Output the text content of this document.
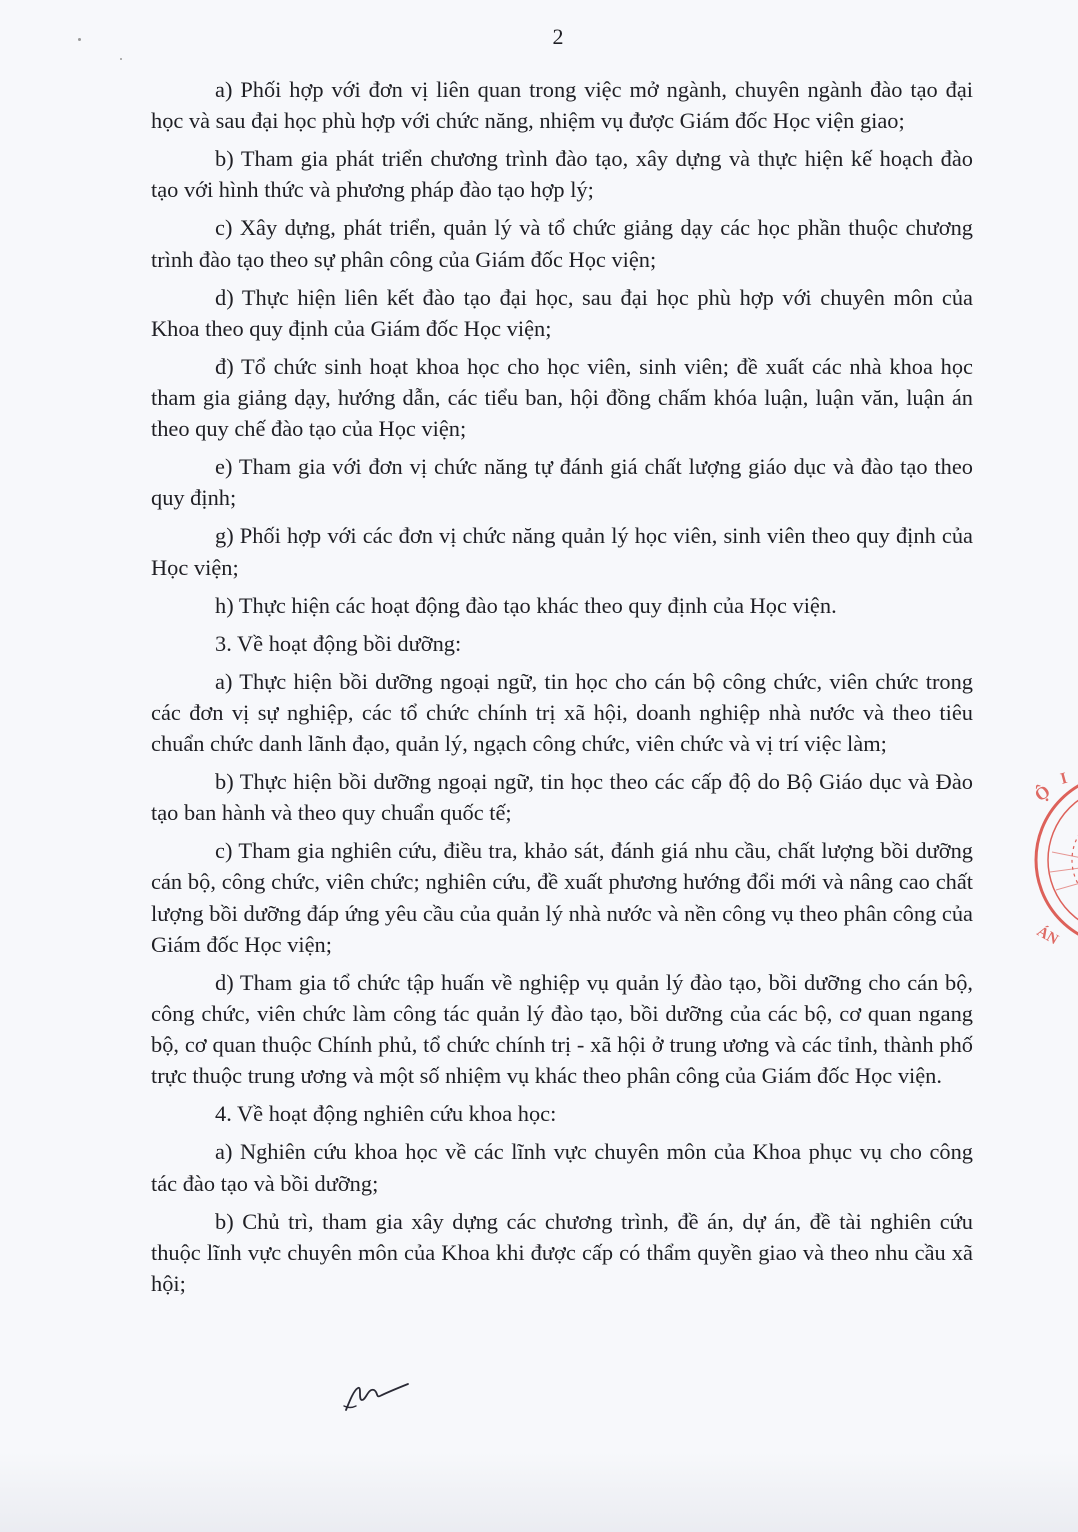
2

a) Phối hợp với đơn vị liên quan trong việc mở ngành, chuyên ngành đào tạo đại học và sau đại học phù hợp với chức năng, nhiệm vụ được Giám đốc Học viện giao;

b) Tham gia phát triển chương trình đào tạo, xây dựng và thực hiện kế hoạch đào tạo với hình thức và phương pháp đào tạo hợp lý;

c) Xây dựng, phát triển, quản lý và tổ chức giảng dạy các học phần thuộc chương trình đào tạo theo sự phân công của Giám đốc Học viện;

d) Thực hiện liên kết đào tạo đại học, sau đại học phù hợp với chuyên môn của Khoa theo quy định của Giám đốc Học viện;

đ) Tổ chức sinh hoạt khoa học cho học viên, sinh viên; đề xuất các nhà khoa học tham gia giảng dạy, hướng dẫn, các tiểu ban, hội đồng chấm khóa luận, luận văn, luận án theo quy chế đào tạo của Học viện;

e) Tham gia với đơn vị chức năng tự đánh giá chất lượng giáo dục và đào tạo theo quy định;

g) Phối hợp với các đơn vị chức năng quản lý học viên, sinh viên theo quy định của Học viện;

h) Thực hiện các hoạt động đào tạo khác theo quy định của Học viện.

3. Về hoạt động bồi dưỡng:

a) Thực hiện bồi dưỡng ngoại ngữ, tin học cho cán bộ công chức, viên chức trong các đơn vị sự nghiệp, các tổ chức chính trị xã hội, doanh nghiệp nhà nước và theo tiêu chuẩn chức danh lãnh đạo, quản lý, ngạch công chức, viên chức và vị trí việc làm;

b) Thực hiện bồi dưỡng ngoại ngữ, tin học theo các cấp độ do Bộ Giáo dục và Đào tạo ban hành và theo quy chuẩn quốc tế;

c) Tham gia nghiên cứu, điều tra, khảo sát, đánh giá nhu cầu, chất lượng bồi dưỡng cán bộ, công chức, viên chức; nghiên cứu, đề xuất phương hướng đổi mới và nâng cao chất lượng bồi dưỡng đáp ứng yêu cầu của quản lý nhà nước và nền công vụ theo phân công của Giám đốc Học viện;

d) Tham gia tổ chức tập huấn về nghiệp vụ quản lý đào tạo, bồi dưỡng cho cán bộ, công chức, viên chức làm công tác quản lý đào tạo, bồi dưỡng của các bộ, cơ quan ngang bộ, cơ quan thuộc Chính phủ, tổ chức chính trị - xã hội ở trung ương và các tỉnh, thành phố trực thuộc trung ương và một số nhiệm vụ khác theo phân công của Giám đốc Học viện.

4. Về hoạt động nghiên cứu khoa học:

a) Nghiên cứu khoa học về các lĩnh vực chuyên môn của Khoa phục vụ cho công tác đào tạo và bồi dưỡng;

b) Chủ trì, tham gia xây dựng các chương trình, đề án, dự án, đề tài nghiên cứu thuộc lĩnh vực chuyên môn của Khoa khi được cấp có thẩm quyền giao và theo nhu cầu xã hội;

Ộ
I
ÁN
